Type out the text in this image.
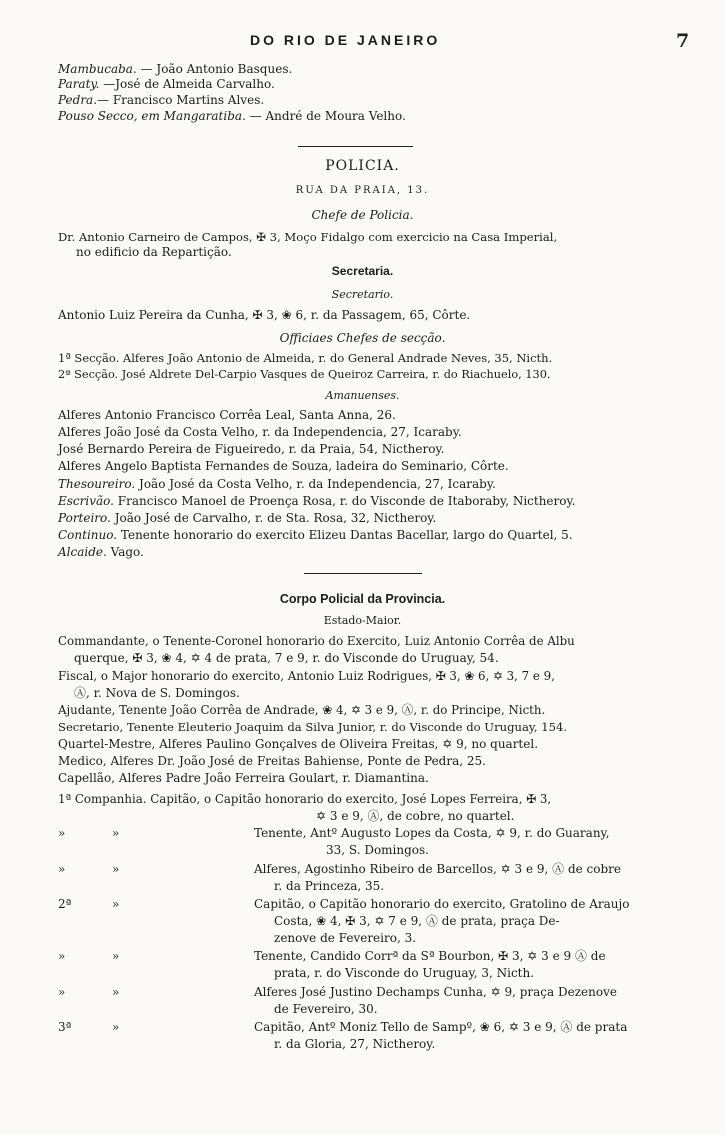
DO RIO DE JANEIRO	7
Mambucaba. — João Antonio Basques.
Paraty. —José de Almeida Carvalho.
Pedra.— Francisco Martins Alves.
Pouso Secco, em Mangaratiba. — André de Moura Velho.
POLICIA.
RUA DA PRAIA, 13.
Chefe de Policia.
Dr. Antonio Carneiro de Campos, ✠ 3, Moço Fidalgo com exercicio na Casa Imperial,
no edificio da Repartição.
Secretaria.
Secretario.
Antonio Luiz Pereira da Cunha, ✠ 3, ❀ 6, r. da Passagem, 65, Côrte.
Officiaes Chefes de secção.
1ª Secção. Alferes João Antonio de Almeida, r. do General Andrade Neves, 35, Nicth.
2ª Secção. José Aldrete Del-Carpio Vasques de Queiroz Carreira, r. do Riachuelo, 130.
Amanuenses.
Alferes Antonio Francisco Corrêa Leal, Santa Anna, 26.
Alferes João José da Costa Velho, r. da Independencia, 27, Icaraby.
José Bernardo Pereira de Figueiredo, r. da Praia, 54, Nictheroy.
Alferes Angelo Baptista Fernandes de Souza, ladeira do Seminario, Côrte.
Thesoureiro. João José da Costa Velho, r. da Independencia, 27, Icaraby.
Escrivão. Francisco Manoel de Proença Rosa, r. do Visconde de Itaboraby, Nictheroy.
Porteiro. João José de Carvalho, r. de Sta. Rosa, 32, Nictheroy.
Continuo. Tenente honorario do exercito Elizeu Dantas Bacellar, largo do Quartel, 5.
Alcaide. Vago.
Corpo Policial da Provincia.
Estado-Maior.
Commandante, o Tenente-Coronel honorario do Exercito, Luiz Antonio Corrêa de Albu
querque, ✠ 3, ❀ 4, ✡ 4 de prata, 7 e 9, r. do Visconde do Uruguay, 54.
Fiscal, o Major honorario do exercito, Antonio Luiz Rodrigues, ✠ 3, ❀ 6, ✡ 3, 7 e 9,
Ⓐ, r. Nova de S. Domingos.
Ajudante, Tenente João Corrêa de Andrade, ❀ 4, ✡ 3 e 9, Ⓐ, r. do Principe, Nicth.
Secretario, Tenente Eleuterio Joaquim da Silva Junior, r. do Visconde do Uruguay, 154.
Quartel-Mestre, Alferes Paulino Gonçalves de Oliveira Freitas, ✡ 9, no quartel.
Medico, Alferes Dr. João José de Freitas Bahiense, Ponte de Pedra, 25.
Capellão, Alferes Padre João Ferreira Goulart, r. Diamantina.
1ª Companhia. Capitão, o Capitão honorario do exercito, José Lopes Ferreira, ✠ 3,
✡ 3 e 9, Ⓐ, de cobre, no quartel.
»	»	Tenente, Antº Augusto Lopes da Costa, ✡ 9, r. do Guarany,
33, S. Domingos.
»	»	Alferes, Agostinho Ribeiro de Barcellos, ✡ 3 e 9, Ⓐ de cobre
r. da Princeza, 35.
2ª	»	Capitão, o Capitão honorario do exercito, Gratolino de Araujo
Costa, ❀ 4, ✠ 3, ✡ 7 e 9, Ⓐ de prata, praça De-
zenove de Fevereiro, 3.
»	»	Tenente, Candido Corrª da Sª Bourbon, ✠ 3, ✡ 3 e 9 Ⓐ de
prata, r. do Visconde do Uruguay, 3, Nicth.
»	»	Alferes José Justino Dechamps Cunha, ✡ 9, praça Dezenove
de Fevereiro, 30.
3ª	»	Capitão, Antº Moniz Tello de Sampº, ❀ 6, ✡ 3 e 9, Ⓐ de prata
r. da Gloria, 27, Nictheroy.
